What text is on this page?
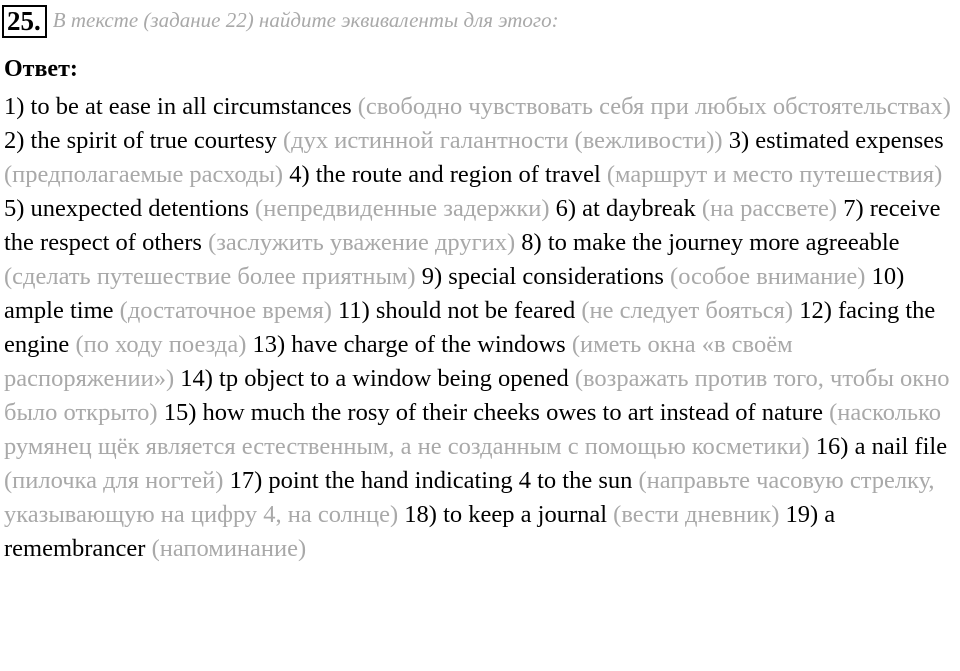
25. В тексте (задание 22) найдите эквиваленты для этого:
Ответ:
1) to be at ease in all circumstances (свободно чувствовать себя при любых обстоятельствах) 2) the spirit of true courtesy (дух истинной галантности (вежливости)) 3) estimated expenses (предполагаемые расходы) 4) the route and region of travel (маршрут и место путешествия) 5) unexpected detentions (непредвиденные задержки) 6) at daybreak (на рассвете) 7) receive the respect of others (заслужить уважение других) 8) to make the journey more agreeable (сделать путешествие более приятным) 9) special considerations (особое внимание) 10) ample time (достаточное время) 11) should not be feared (не следует бояться) 12) facing the engine (по ходу поезда) 13) have charge of the windows (иметь окна «в своём распоряжении») 14) tp object to a window being opened (возражать против того, чтобы окно было открыто) 15) how much the rosy of their cheeks owes to art instead of nature (насколько румянец щёк является естественным, а не созданным с помощью косметики) 16) a nail file (пилочка для ногтей) 17) point the hand indicating 4 to the sun (направьте часовую стрелку, указывающую на цифру 4, на солнце) 18) to keep a journal (вести дневник) 19) a remembrancer (напоминание)
